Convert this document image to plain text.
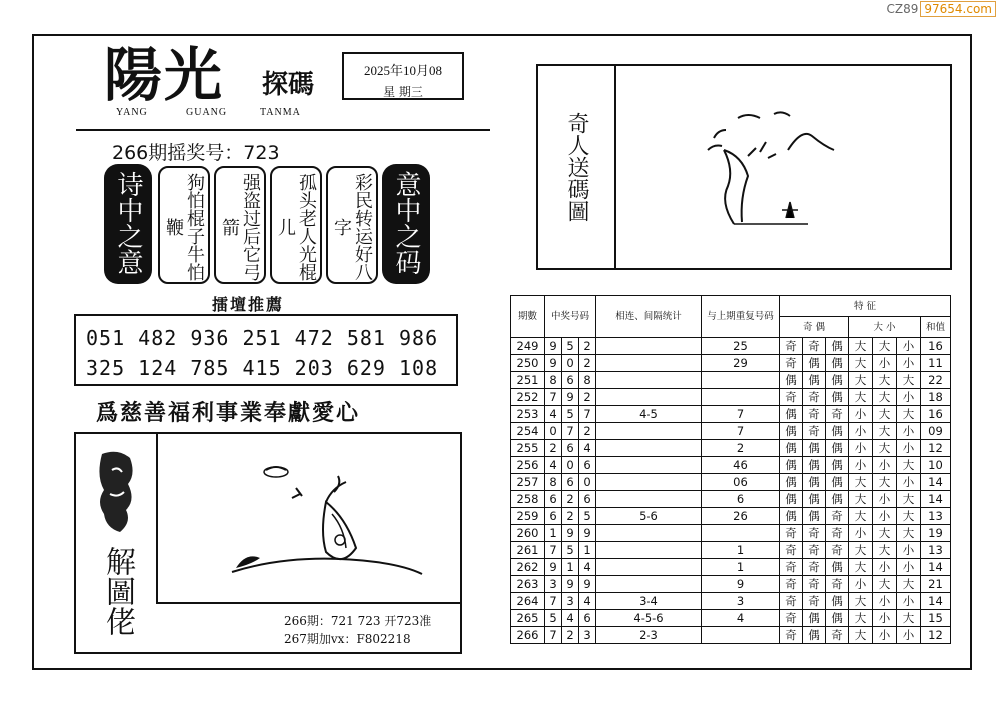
CZ89 97654.com
陽光 探碼
YANG	GUANG	TANMA
2025年10月08
星 期三
266期摇奖号：723
诗中之意	狗怕棍子牛怕鞭	强盗过后它弓箭	孤头老人光棍儿	彩民转运好八字	意中之码
擂壇推薦
051 482 936 251 472 581 986
325 124 785 415 203 629 108
爲慈善福利事業奉獻愛心
解圖佬	266期：721 723 开723准
267期加vx：F802218
奇人送碼圖
期數	中奖号码			相连、间隔统计	与上期重复号码	特 征						
						奇 偶			大 小			和值
249	9	5	2		25	奇	奇	偶	大	大	小	16
250	9	0	2		29	奇	偶	偶	大	小	小	11
251	8	6	8			偶	偶	偶	大	大	大	22
252	7	9	2			奇	奇	偶	大	大	小	18
253	4	5	7	4-5	7	偶	奇	奇	小	大	大	16
254	0	7	2		7	偶	奇	偶	小	大	小	09
255	2	6	4		2	偶	偶	偶	小	大	小	12
256	4	0	6		46	偶	偶	偶	小	小	大	10
257	8	6	0		06	偶	偶	偶	大	大	小	14
258	6	2	6		6	偶	偶	偶	大	小	大	14
259	6	2	5	5-6	26	偶	偶	奇	大	小	大	13
260	1	9	9			奇	奇	奇	小	大	大	19
261	7	5	1		1	奇	奇	奇	大	大	小	13
262	9	1	4		1	奇	奇	偶	大	小	小	14
263	3	9	9		9	奇	奇	奇	小	大	大	21
264	7	3	4	3-4	3	奇	奇	偶	大	小	小	14
265	5	4	6	4-5-6	4	奇	偶	偶	大	小	大	15
266	7	2	3	2-3		奇	偶	奇	大	小	小	12
